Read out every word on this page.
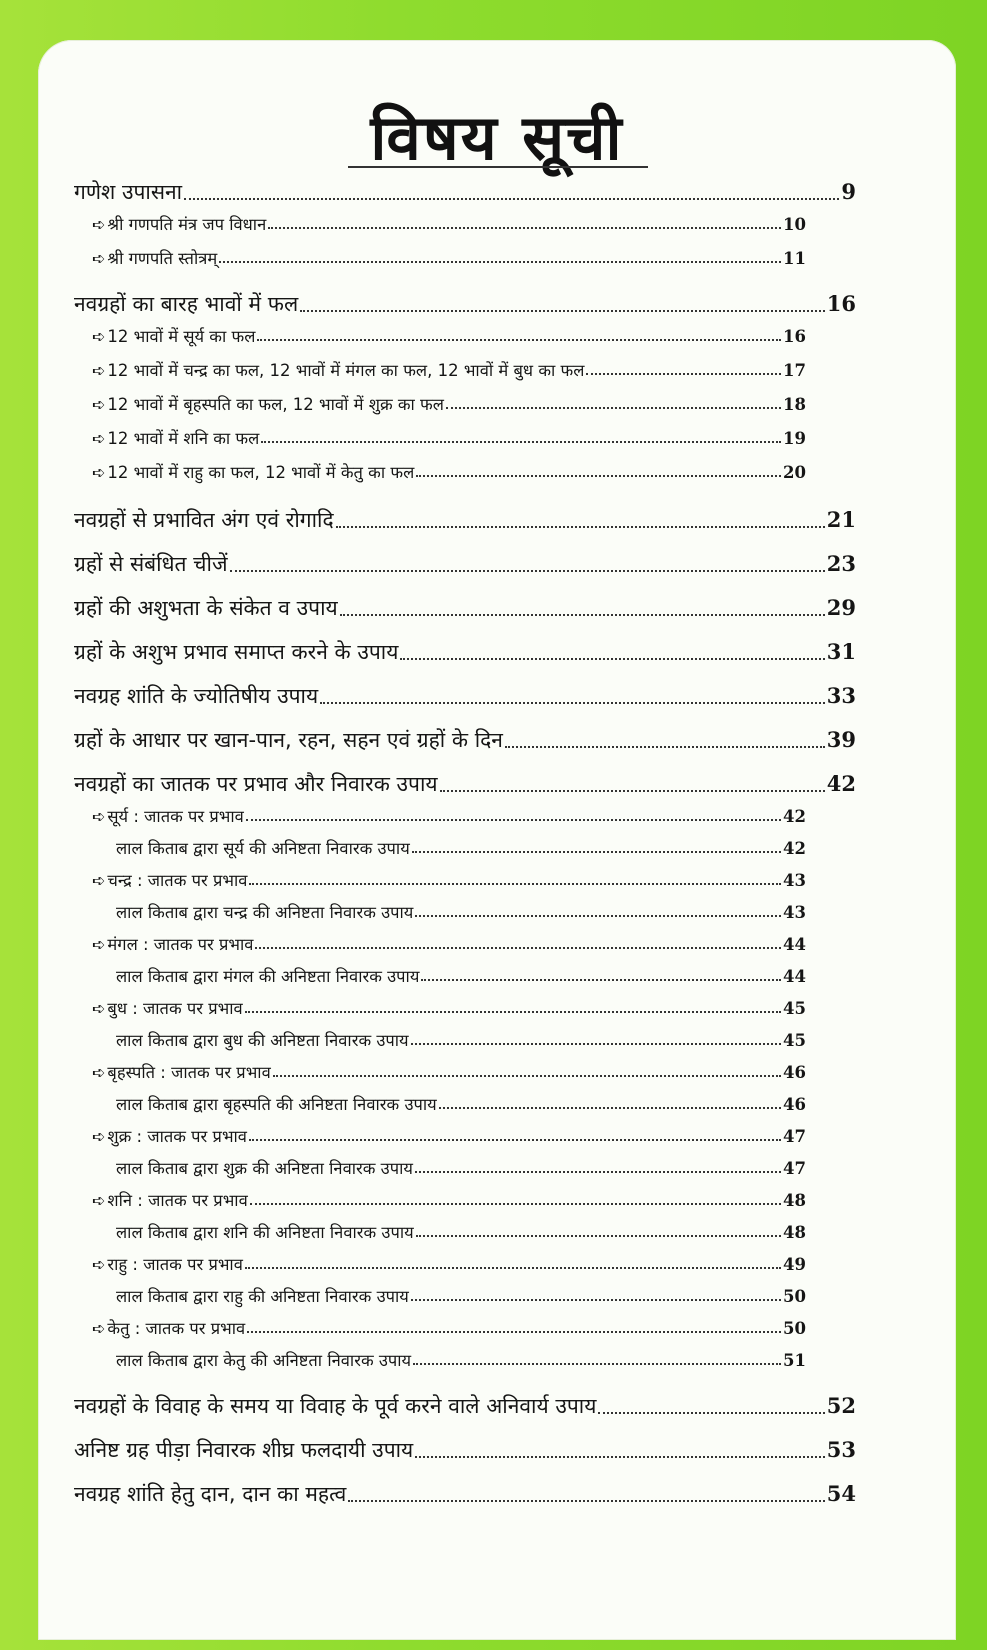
विषय सूची
गणेश उपासना	9
➪ श्री गणपति मंत्र जप विधान	10
➪ श्री गणपति स्तोत्रम्	11
नवग्रहों का बारह भावों में फल	16
➪ 12 भावों में सूर्य का फल	16
➪ 12 भावों में चन्द्र का फल, 12 भावों में मंगल का फल, 12 भावों में बुध का फल	17
➪ 12 भावों में बृहस्पति का फल, 12 भावों में शुक्र का फल	18
➪ 12 भावों में शनि का फल	19
➪ 12 भावों में राहु का फल, 12 भावों में केतु का फल	20
नवग्रहों से प्रभावित अंग एवं रोगादि	21
ग्रहों से संबंधित चीजें	23
ग्रहों की अशुभता के संकेत व उपाय	29
ग्रहों के अशुभ प्रभाव समाप्त करने के उपाय	31
नवग्रह शांति के ज्योतिषीय उपाय	33
ग्रहों के आधार पर खान-पान, रहन, सहन एवं ग्रहों के दिन	39
नवग्रहों का जातक पर प्रभाव और निवारक उपाय	42
➪ सूर्य : जातक पर प्रभाव	42
लाल किताब द्वारा सूर्य की अनिष्टता निवारक उपाय	42
➪ चन्द्र : जातक पर प्रभाव	43
लाल किताब द्वारा चन्द्र की अनिष्टता निवारक उपाय	43
➪ मंगल : जातक पर प्रभाव	44
लाल किताब द्वारा मंगल की अनिष्टता निवारक उपाय	44
➪ बुध : जातक पर प्रभाव	45
लाल किताब द्वारा बुध की अनिष्टता निवारक उपाय	45
➪ बृहस्पति : जातक पर प्रभाव	46
लाल किताब द्वारा बृहस्पति की अनिष्टता निवारक उपाय	46
➪ शुक्र : जातक पर प्रभाव	47
लाल किताब द्वारा शुक्र की अनिष्टता निवारक उपाय	47
➪ शनि : जातक पर प्रभाव	48
लाल किताब द्वारा शनि की अनिष्टता निवारक उपाय	48
➪ राहु : जातक पर प्रभाव	49
लाल किताब द्वारा राहु की अनिष्टता निवारक उपाय	50
➪ केतु : जातक पर प्रभाव	50
लाल किताब द्वारा केतु की अनिष्टता निवारक उपाय	51
नवग्रहों के विवाह के समय या विवाह के पूर्व करने वाले अनिवार्य उपाय	52
अनिष्ट ग्रह पीड़ा निवारक शीघ्र फलदायी उपाय	53
नवग्रह शांति हेतु दान, दान का महत्व	54
